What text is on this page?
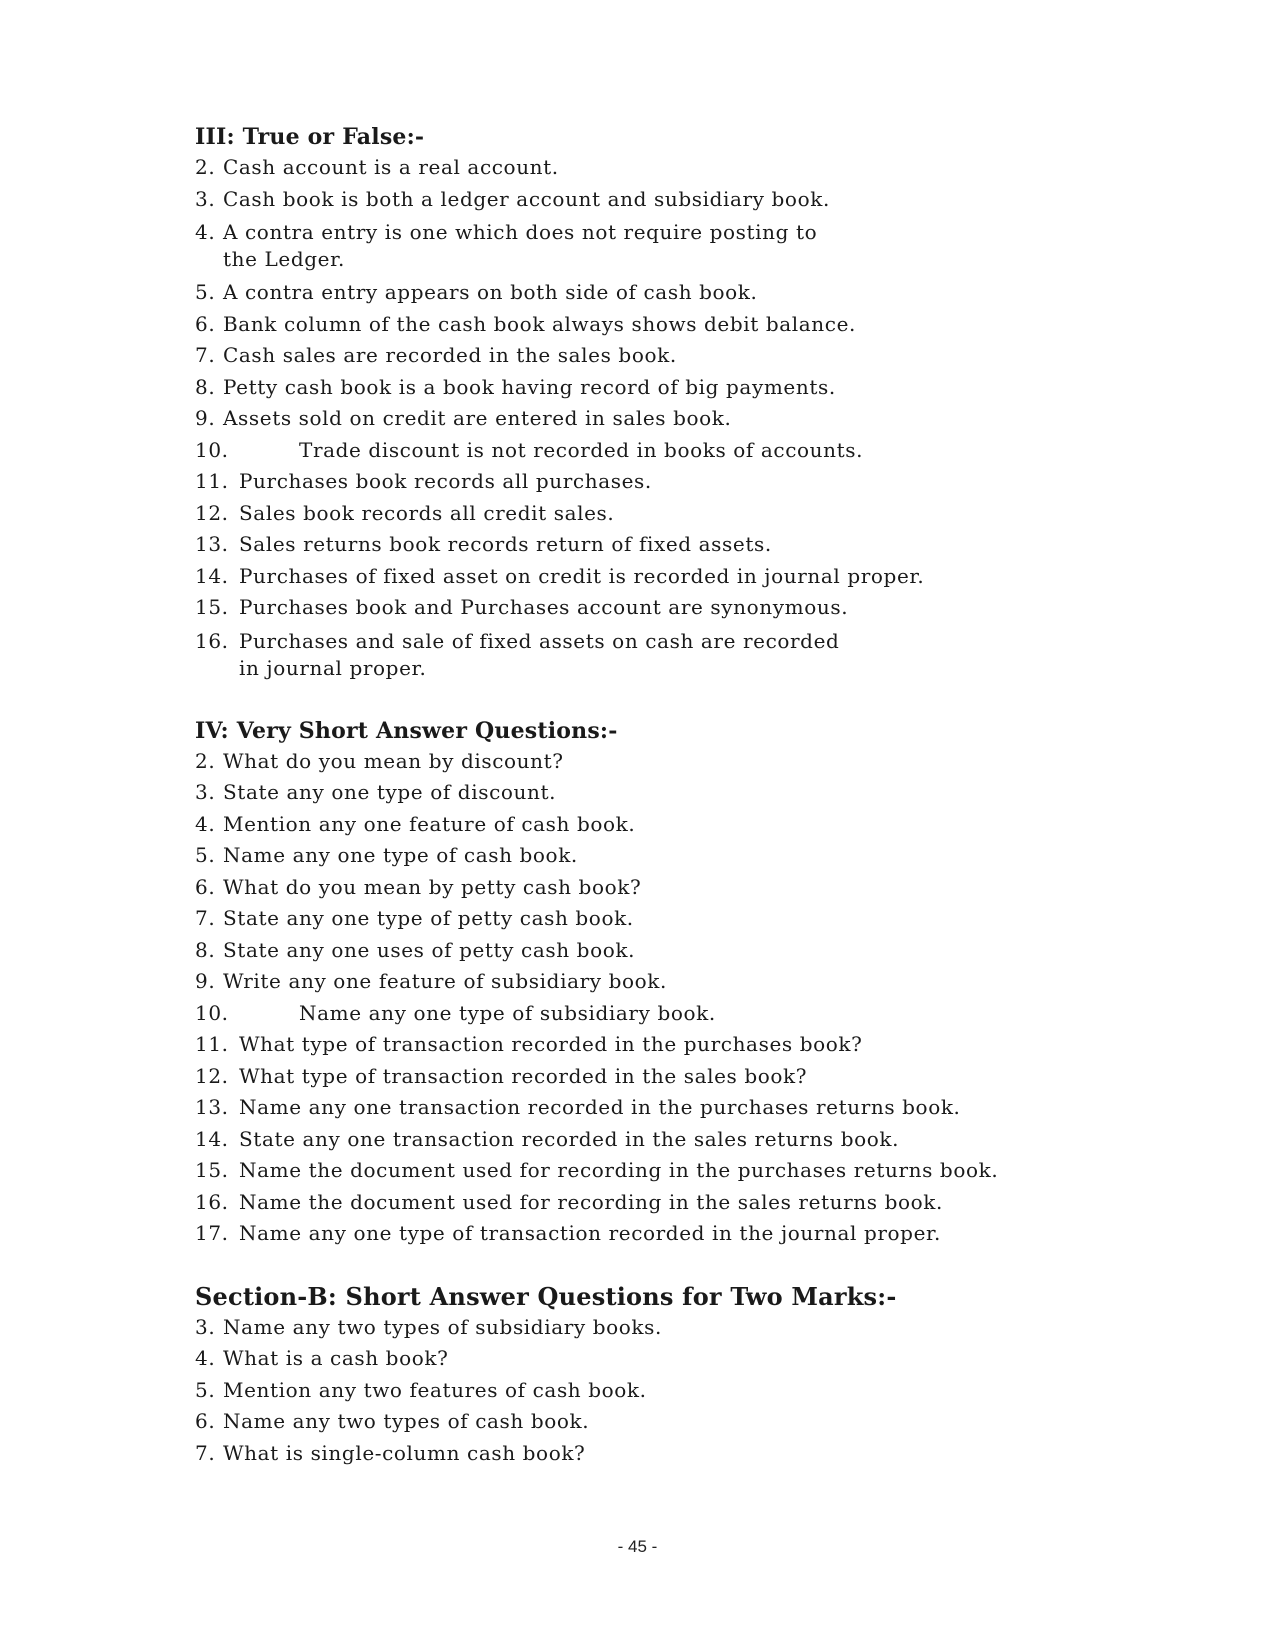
III: True or False:-
2. Cash account is a real account.
3. Cash book is both a ledger account and subsidiary book.
4. A contra entry is one which does not require posting to
the Ledger.
5. A contra entry appears on both side of cash book.
6. Bank column of the cash book always shows debit balance.
7. Cash sales are recorded in the sales book.
8. Petty cash book is a book having record of big payments.
9. Assets sold on credit are entered in sales book.
10.	Trade discount is not recorded in books of accounts.
11. Purchases book records all purchases.
12. Sales book records all credit sales.
13. Sales returns book records return of fixed assets.
14. Purchases of fixed asset on credit is recorded in journal proper.
15. Purchases book and Purchases account are synonymous.
16. Purchases and sale of fixed assets on cash are recorded
in journal proper.
IV: Very Short Answer Questions:-
2. What do you mean by discount?
3. State any one type of discount.
4. Mention any one feature of cash book.
5. Name any one type of cash book.
6. What do you mean by petty cash book?
7. State any one type of petty cash book.
8. State any one uses of petty cash book.
9. Write any one feature of subsidiary book.
10.	Name any one type of subsidiary book.
11. What type of transaction recorded in the purchases book?
12. What type of transaction recorded in the sales book?
13. Name any one transaction recorded in the purchases returns book.
14. State any one transaction recorded in the sales returns book.
15. Name the document used for recording in the purchases returns book.
16. Name the document used for recording in the sales returns book.
17. Name any one type of transaction recorded in the journal proper.
Section-B: Short Answer Questions for Two Marks:-
3. Name any two types of subsidiary books.
4. What is a cash book?
5. Mention any two features of cash book.
6. Name any two types of cash book.
7. What is single-column cash book?
- 45 -
